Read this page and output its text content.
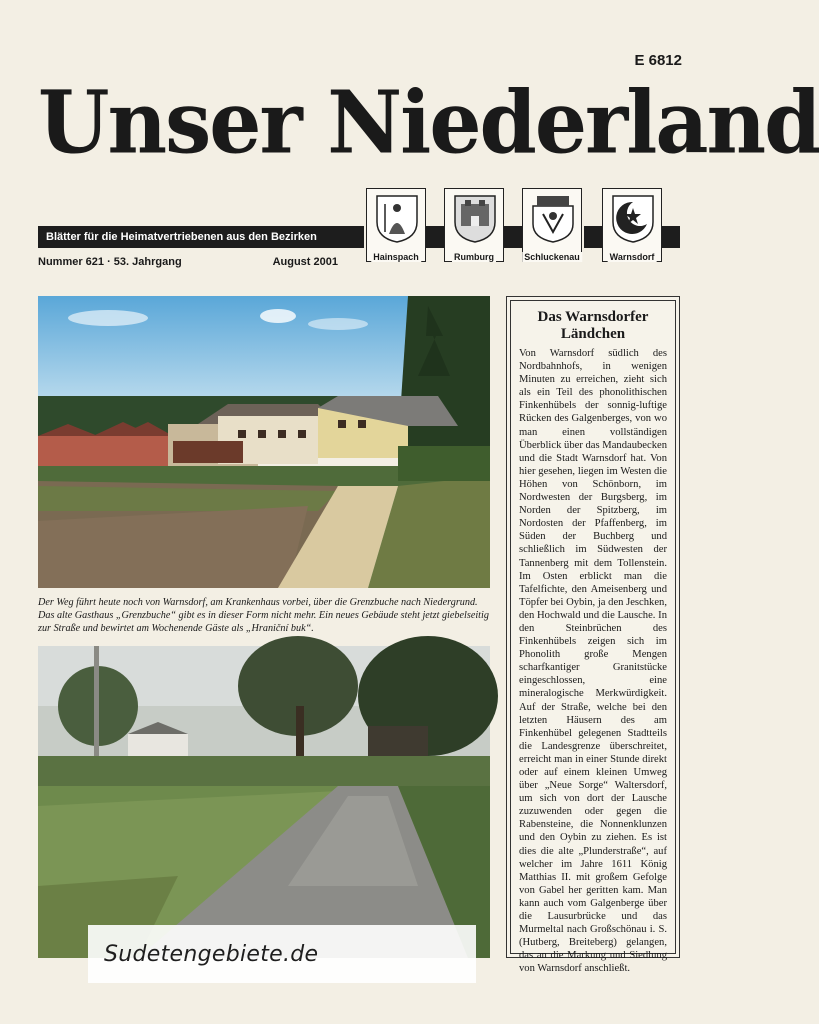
E 6812
Unser Niederland
Blätter für die Heimatvertriebenen aus den Bezirken
Hainspach	Rumburg	Schluckenau	Warnsdorf
Nummer 621 · 53. Jahrgang	August 2001
Der Weg führt heute noch von Warnsdorf, am Krankenhaus vorbei, über die Grenzbuche nach Niedergrund. Das alte Gasthaus „Grenzbuche“ gibt es in dieser Form nicht mehr. Ein neues Gebäude steht jetzt giebelseitig zur Straße und bewirtet am Wochenende Gäste als „Hraniční buk“.
Das Warnsdorfer Ländchen
Von Warnsdorf südlich des Nordbahnhofs, in wenigen Minuten zu erreichen, zieht sich als ein Teil des phonolithischen Finkenhübels der sonnig-luftige Rücken des Galgenberges, von wo man einen vollständigen Überblick über das Mandaubecken und die Stadt Warnsdorf hat. Von hier gesehen, liegen im Westen die Höhen von Schönborn, im Nordwesten der Burgsberg, im Norden der Spitzberg, im Nordosten der Pfaffenberg, im Süden der Buchberg und schließlich im Südwesten der Tannenberg mit dem Tollenstein. Im Osten erblickt man die Tafelfichte, den Ameisenberg und Töpfer bei Oybin, ja den Jeschken, den Hochwald und die Lausche. In den Steinbrüchen des Finkenhübels zeigen sich im Phonolith große Mengen scharfkantiger Granitstücke eingeschlossen, eine mineralogische Merkwürdigkeit. Auf der Straße, welche bei den letzten Häusern des am Finkenhübel gelegenen Stadtteils die Landesgrenze überschreitet, erreicht man in einer Stunde direkt oder auf einem kleinen Umweg über „Neue Sorge“ Waltersdorf, um sich von dort der Lausche zuzuwenden oder gegen die Rabensteine, die Nonnenklunzen und den Oybin zu ziehen. Es ist dies die alte „Plunderstraße“, auf welcher im Jahre 1611 König Matthias II. mit großem Gefolge von Gabel her geritten kam. Man kann auch vom Galgenberge über die Lausurbrücke und das Murmeltal nach Großschönau i. S. (Hutberg, Breiteberg) gelangen, das an die Markung und Siedlung von Warnsdorf anschließt.
Sudetengebiete.de
